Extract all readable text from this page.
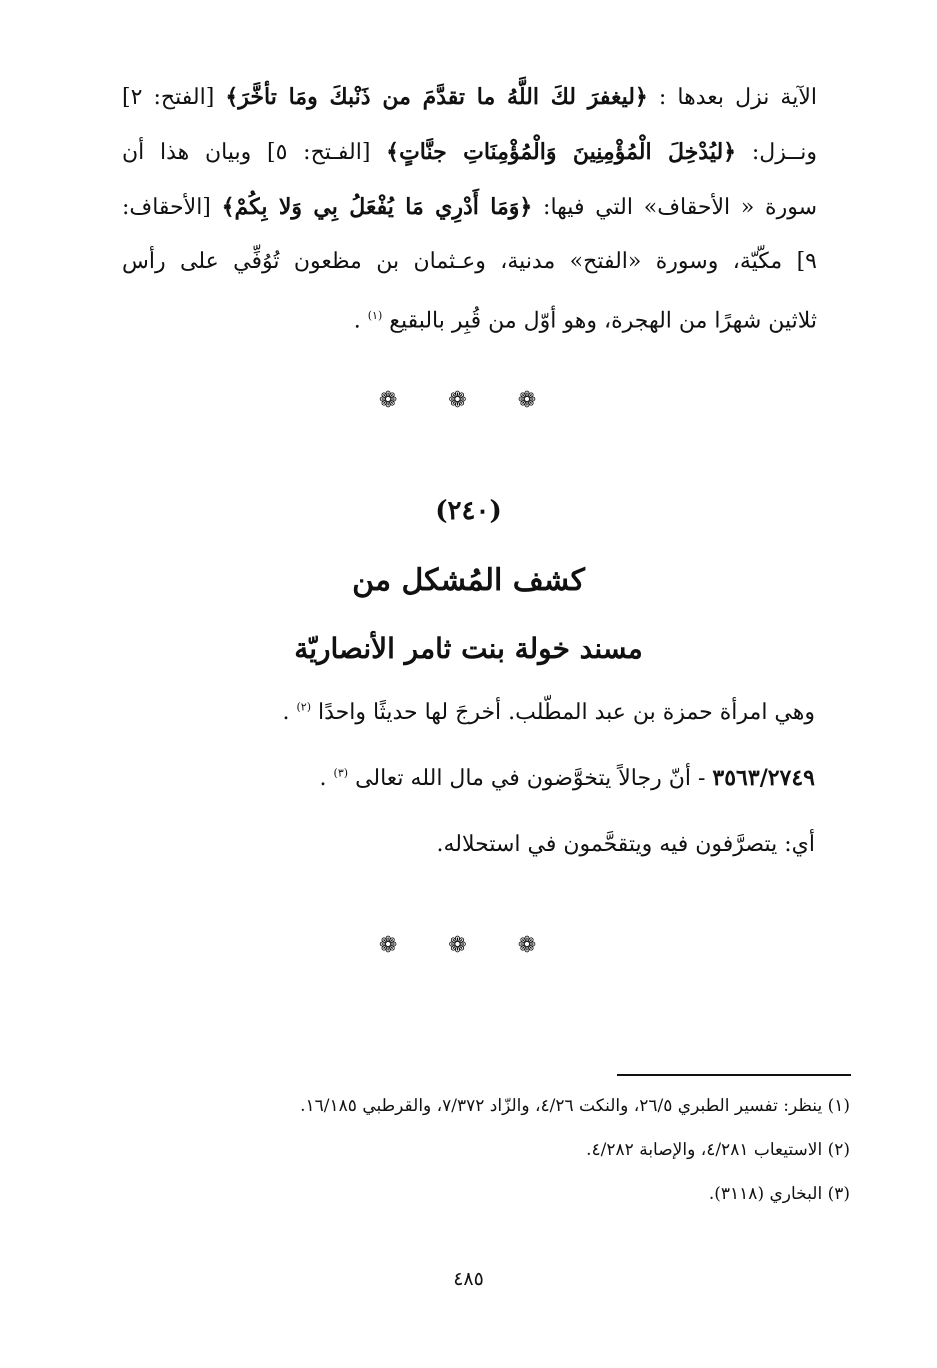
الآية نزل بعدها : ﴿ليغفرَ لكَ اللَّهُ ما تقدَّمَ من ذَنْبكَ ومَا تأخَّرَ﴾ [الفتح: ٢]
ونــزل: ﴿ليُدْخِلَ الْمُؤْمِنِينَ وَالْمُؤْمِنَاتِ جنَّاتٍ﴾ [الفـتح: ٥] وبيان هذا أن
سورة « الأحقاف» التي فيها: ﴿وَمَا أَدْرِي مَا يُفْعَلُ بِي وَلا بِكُمْ﴾ [الأحقاف:
٩] مكّيّة، وسورة «الفتح» مدنية، وعـثمان بن مظعون تُوُفِّي على رأس
ثلاثين شهرًا من الهجرة، وهو أوّل من قُبِر بالبقيع $^{(١)}$ .
❁ ❁ ❁
(٢٤٠)
كشف المُشكل من
مسند خولة بنت ثامر الأنصاريّة
وهي امرأة حمزة بن عبد المطّلب. أخرجَ لها حديثًا واحدًا $^{(٢)}$ .
٣٥٦٣/٢٧٤٩ - أنّ رجالاً يتخوَّضون في مال الله تعالى $^{(٣)}$ .
أي: يتصرَّفون فيه ويتقحَّمون في استحلاله.
❁ ❁ ❁
(١) ينظر: تفسير الطبري ٢٦/٥، والنكت ٤/٢٦، والزّاد ٧/٣٧٢، والقرطبي ١٦/١٨٥.
(٢) الاستيعاب ٤/٢٨١، والإصابة ٤/٢٨٢.
(٣) البخاري (٣١١٨).
٤٨٥
